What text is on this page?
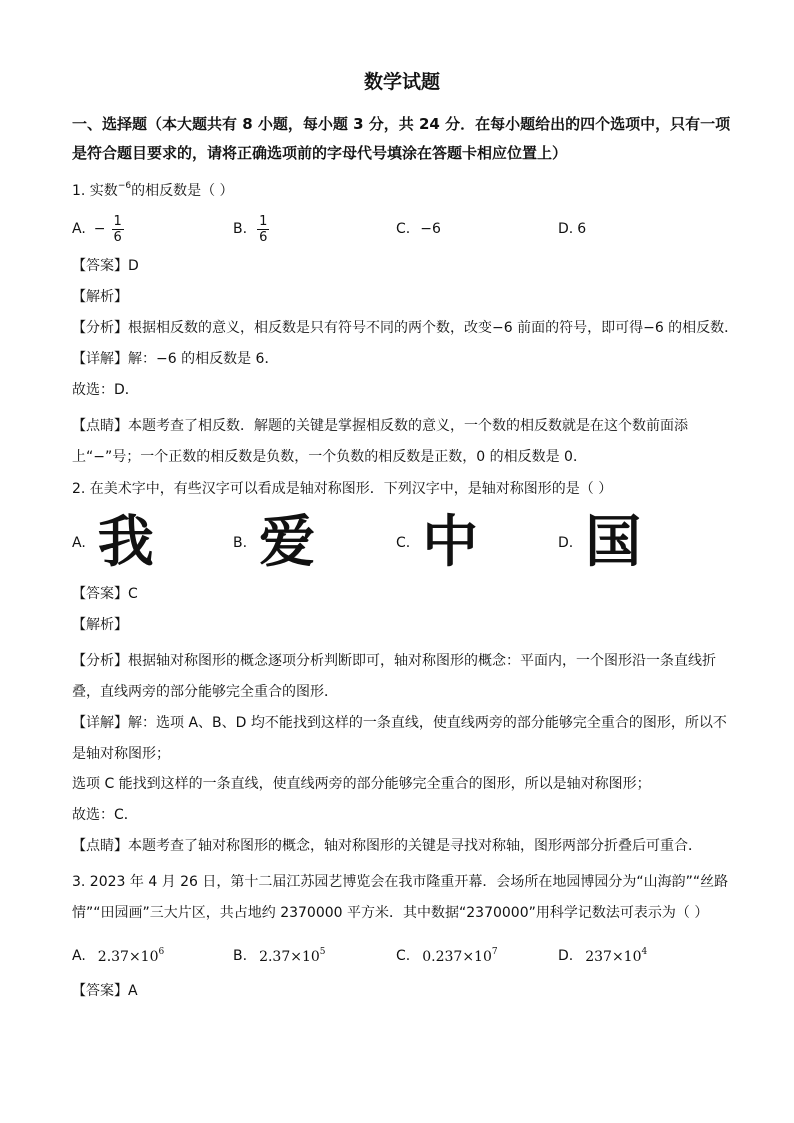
数学试题
一、选择题（本大题共有 8 小题，每小题 3 分，共 24 分．在每小题给出的四个选项中，只有一项是符合题目要求的，请将正确选项前的字母代号填涂在答题卡相应位置上）
1. 实数$^{-6}$的相反数是（ ）
A. − $\frac{1}{6}$	B. $\frac{1}{6}$	C. −6	D. 6
【答案】D
【解析】
【分析】根据相反数的意义，相反数是只有符号不同的两个数，改变−6 前面的符号，即可得−6 的相反数．
【详解】解：−6 的相反数是 6．
故选：D．
【点睛】本题考查了相反数．解题的关键是掌握相反数的意义，一个数的相反数就是在这个数前面添上“−”号；一个正数的相反数是负数，一个负数的相反数是正数，0 的相反数是 0．
2. 在美术字中，有些汉字可以看成是轴对称图形．下列汉字中，是轴对称图形的是（ ）
A. 我	B. 爱	C. 中	D. 国
【答案】C
【解析】
【分析】根据轴对称图形的概念逐项分析判断即可，轴对称图形的概念：平面内，一个图形沿一条直线折叠，直线两旁的部分能够完全重合的图形．
【详解】解：选项 A、B、D 均不能找到这样的一条直线，使直线两旁的部分能够完全重合的图形，所以不是轴对称图形；
选项 C 能找到这样的一条直线，使直线两旁的部分能够完全重合的图形，所以是轴对称图形；
故选：C．
【点睛】本题考查了轴对称图形的概念，轴对称图形的关键是寻找对称轴，图形两部分折叠后可重合．
3. 2023 年 4 月 26 日，第十二届江苏园艺博览会在我市隆重开幕．会场所在地园博园分为“山海韵”“丝路情”“田园画”三大片区，共占地约 2370000 平方米．其中数据“2370000”用科学记数法可表示为（ ）
A. $2.37\times 10^6$	B. $2.37\times 10^5$	C. $0.237\times 10^7$	D. $237\times 10^4$
【答案】A
